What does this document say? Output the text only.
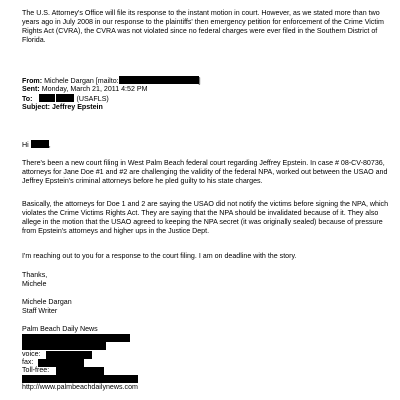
The U.S. Attorney's Office will file its response to the instant motion in court. However, as we stated more than two years ago in July 2008 in our response to the plaintiffs' then emergency petition for enforcement of the Crime Victim Rights Act (CVRA), the CVRA was not violated since no federal charges were ever filed in the Southern District of Florida.

From: Michele Dargan [mailto:	]
Sent: Monday, March 21, 2011 4:52 PM
To:	(USAFLS)
Subject: Jeffrey Epstein
Hi	,

There's been a new court filing in West Palm Beach federal court regarding Jeffrey Epstein. In case # 08-CV-80736, attorneys for Jane Doe #1 and #2 are challenging the validity of the federal NPA, worked out between the USAO and Jeffrey Epstein's criminal attorneys before he pled guilty to his state charges.

Basically, the attorneys for Doe 1 and 2 are saying the USAO did not notify the victims before signing the NPA, which violates the Crime Victims Rights Act. They are saying that the NPA should be invalidated because of it. They also allege in the motion that the USAO agreed to keeping the NPA secret (it was originally sealed) because of pressure from Epstein's attorneys and higher ups in the Justice Dept.

I'm reaching out to you for a response to the court filing. I am on deadline with the story.

Thanks,
Michele
Michele Dargan
Staff Writer
Palm Beach Daily News
voice:
fax:
Toll-free:
http://www.palmbeachdailynews.com
